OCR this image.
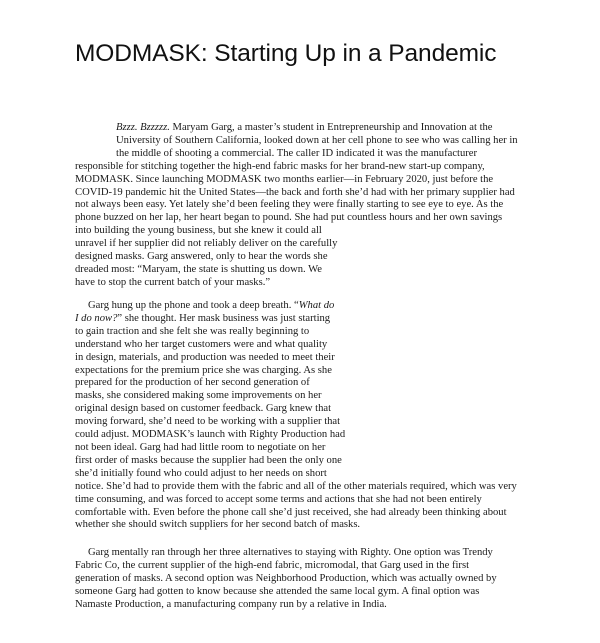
MODMASK: Starting Up in a Pandemic
Bzzz. Bzzzzz. Maryam Garg, a master’s student in Entrepreneurship and Innovation at the
University of Southern California, looked down at her cell phone to see who was calling her in
the middle of shooting a commercial. The caller ID indicated it was the manufacturer
responsible for stitching together the high-end fabric masks for her brand-new start-up company,
MODMASK. Since launching MODMASK two months earlier—in February 2020, just before the
COVID-19 pandemic hit the United States—the back and forth she’d had with her primary supplier had
not always been easy. Yet lately she’d been feeling they were finally starting to see eye to eye. As the
phone buzzed on her lap, her heart began to pound. She had put countless hours and her own savings
into building the young business, but she knew it could all
unravel if her supplier did not reliably deliver on the carefully
designed masks. Garg answered, only to hear the words she
dreaded most: “Maryam, the state is shutting us down. We
have to stop the current batch of your masks.”
Garg hung up the phone and took a deep breath. “What do
I do now?” she thought. Her mask business was just starting
to gain traction and she felt she was really beginning to
understand who her target customers were and what quality
in design, materials, and production was needed to meet their
expectations for the premium price she was charging. As she
prepared for the production of her second generation of
masks, she considered making some improvements on her
original design based on customer feedback. Garg knew that
moving forward, she’d need to be working with a supplier that
could adjust. MODMASK’s launch with Righty Production had
not been ideal. Garg had had little room to negotiate on her
first order of masks because the supplier had been the only one
she’d initially found who could adjust to her needs on short
notice. She’d had to provide them with the fabric and all of the other materials required, which was very
time consuming, and was forced to accept some terms and actions that she had not been entirely
comfortable with. Even before the phone call she’d just received, she had already been thinking about
whether she should switch suppliers for her second batch of masks.
Garg mentally ran through her three alternatives to staying with Righty. One option was Trendy
Fabric Co, the current supplier of the high-end fabric, micromodal, that Garg used in the first
generation of masks. A second option was Neighborhood Production, which was actually owned by
someone Garg had gotten to know because she attended the same local gym. A final option was
Namaste Production, a manufacturing company run by a relative in India.
